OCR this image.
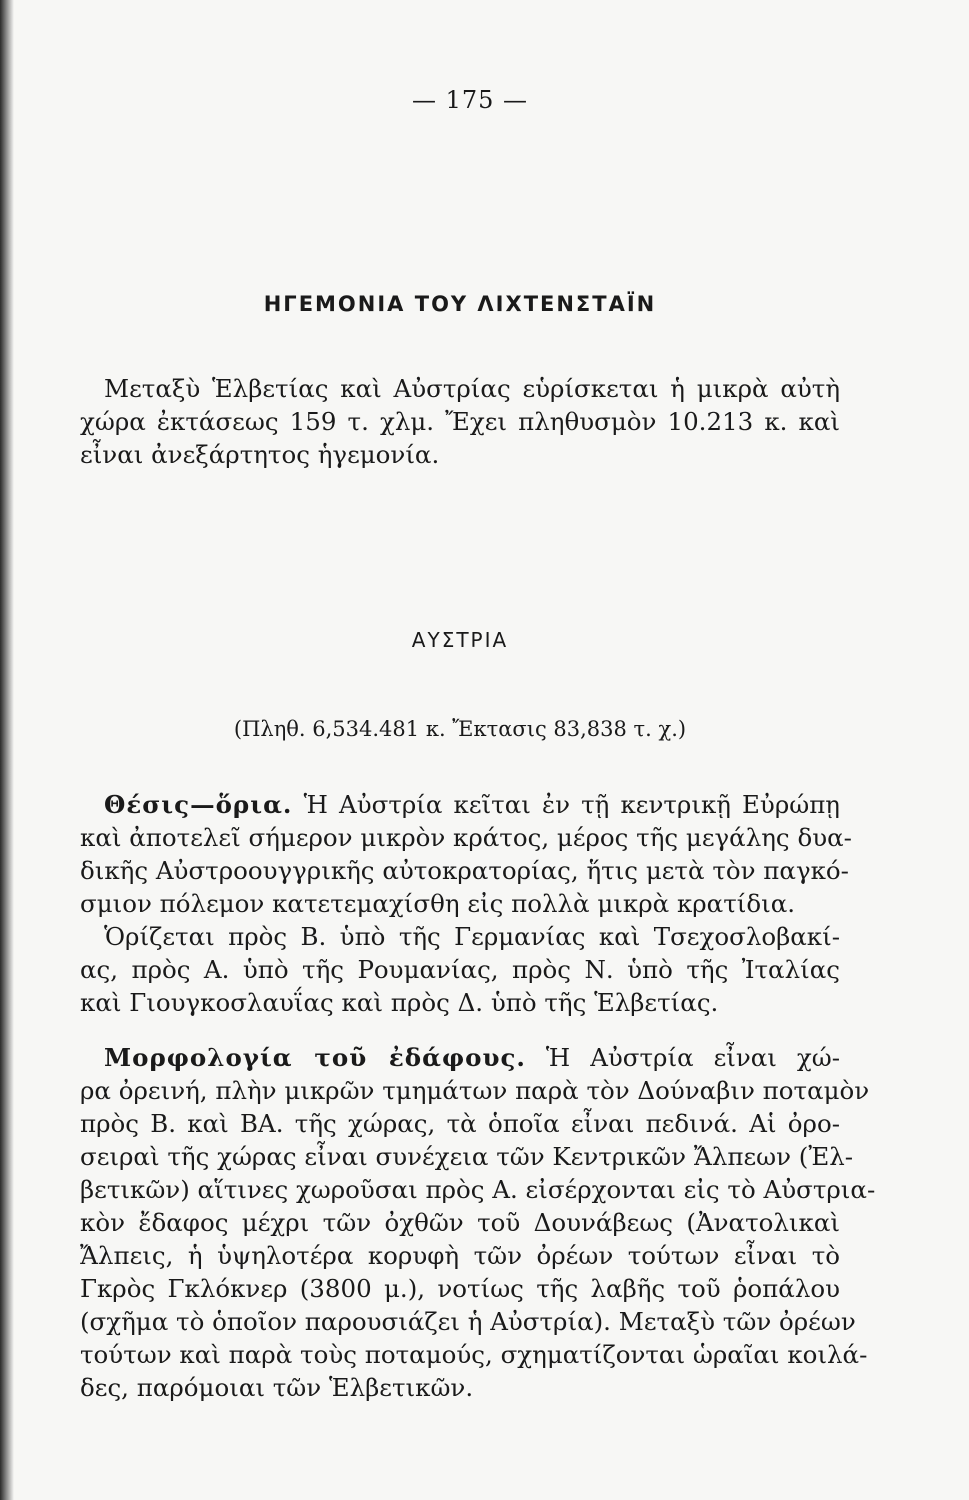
— 175 —
ΗΓΕΜΟΝΙΑ ΤΟΥ ΛΙΧΤΕΝΣΤΑΪΝ
Μεταξὺ Ἑλβετίας καὶ Αὐστρίας εὑρίσκεται ἡ μικρὰ αὐτὴ
χώρα ἐκτάσεως 159 τ. χλμ. Ἔχει πληθυσμὸν 10.213 κ. καὶ
εἶναι ἀνεξάρτητος ἡγεμονία.
ΑΥΣΤΡΙΑ
(Πληθ. 6,534.481 κ. Ἔκτασις 83,838 τ. χ.)
Θέσις—ὅρια. Ἡ Αὐστρία κεῖται ἐν τῇ κεντρικῇ Εὐρώπῃ
καὶ ἀποτελεῖ σήμερον μικρὸν κράτος, μέρος τῆς μεγάλης δυα-
δικῆς Αὐστροουγγρικῆς αὐτοκρατορίας, ἥτις μετὰ τὸν παγκό-
σμιον πόλεμον κατετεμαχίσθη εἰς πολλὰ μικρὰ κρατίδια.
Ὁρίζεται πρὸς Β. ὑπὸ τῆς Γερμανίας καὶ Τσεχοσλοβακί-
ας, πρὸς Α. ὑπὸ τῆς Ρουμανίας, πρὸς Ν. ὑπὸ τῆς Ἰταλίας
καὶ Γιουγκοσλαυΐας καὶ πρὸς Δ. ὑπὸ τῆς Ἑλβετίας.
Μορφολογία τοῦ ἐδάφους. Ἡ Αὐστρία εἶναι χώ-
ρα ὀρεινή, πλὴν μικρῶν τμημάτων παρὰ τὸν Δούναβιν ποταμὸν
πρὸς Β. καὶ ΒΑ. τῆς χώρας, τὰ ὁποῖα εἶναι πεδινά. Αἱ ὀρο-
σειραὶ τῆς χώρας εἶναι συνέχεια τῶν Κεντρικῶν Ἄλπεων (Ἐλ-
βετικῶν) αἵτινες χωροῦσαι πρὸς Α. εἰσέρχονται εἰς τὸ Αὐστρια-
κὸν ἔδαφος μέχρι τῶν ὀχθῶν τοῦ Δουνάβεως (Ἀνατολικαὶ
Ἄλπεις, ἡ ὑψηλοτέρα κορυφὴ τῶν ὀρέων τούτων εἶναι τὸ
Γκρὸς Γκλόκνερ (3800 μ.), νοτίως τῆς λαβῆς τοῦ ῥοπάλου
(σχῆμα τὸ ὁποῖον παρουσιάζει ἡ Αὐστρία). Μεταξὺ τῶν ὀρέων
τούτων καὶ παρὰ τοὺς ποταμούς, σχηματίζονται ὡραῖαι κοιλά-
δες, παρόμοιαι τῶν Ἑλβετικῶν.
